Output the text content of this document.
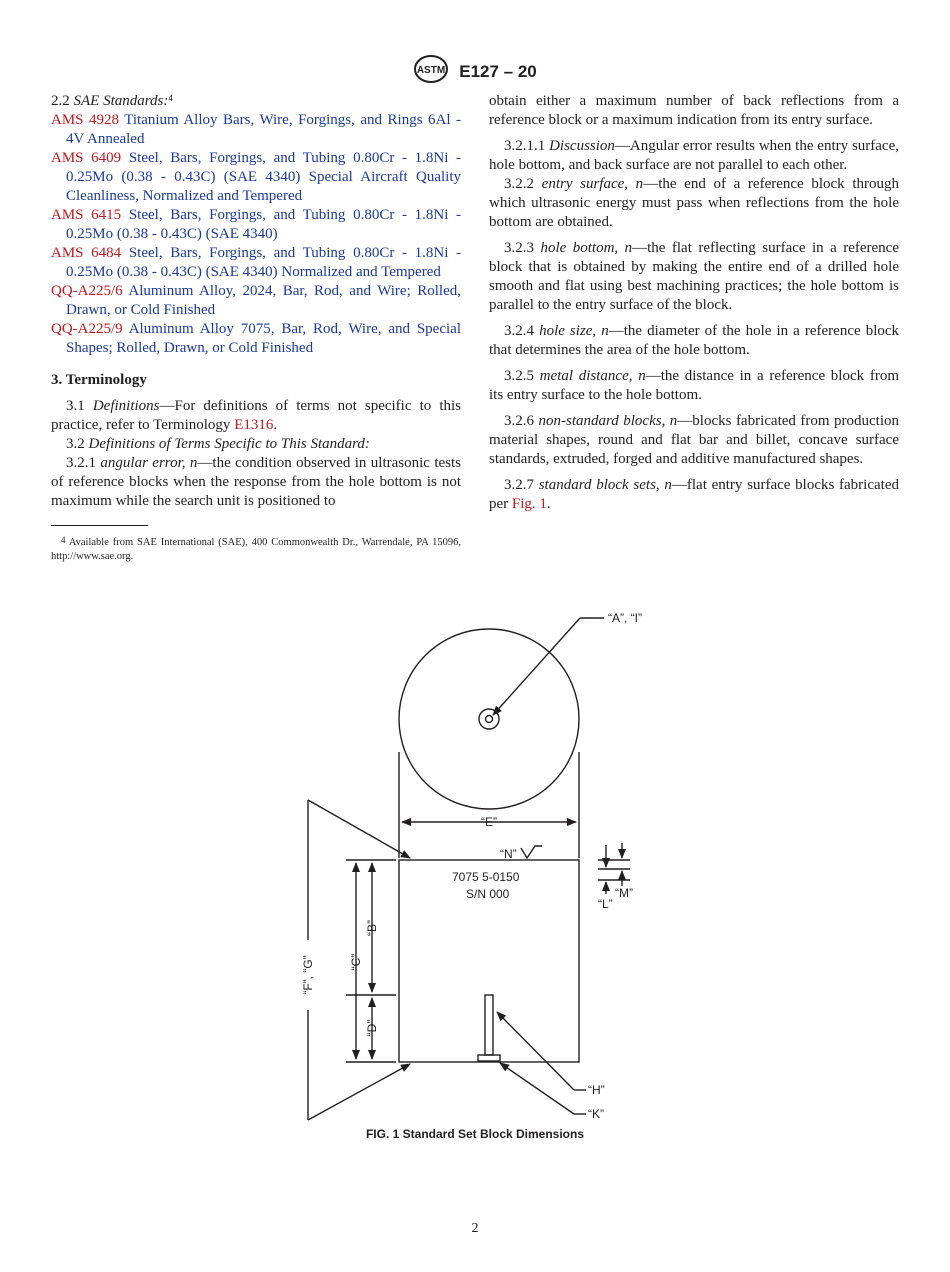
ASTM E127 – 20

2.2 SAE Standards:$^4$

AMS 4928 Titanium Alloy Bars, Wire, Forgings, and Rings 6Al - 4V Annealed

AMS 6409 Steel, Bars, Forgings, and Tubing 0.80Cr - 1.8Ni - 0.25Mo (0.38 - 0.43C) (SAE 4340) Special Aircraft Quality Cleanliness, Normalized and Tempered

AMS 6415 Steel, Bars, Forgings, and Tubing 0.80Cr - 1.8Ni - 0.25Mo (0.38 - 0.43C) (SAE 4340)

AMS 6484 Steel, Bars, Forgings, and Tubing 0.80Cr - 1.8Ni - 0.25Mo (0.38 - 0.43C) (SAE 4340) Normalized and Tempered

QQ-A225/6 Aluminum Alloy, 2024, Bar, Rod, and Wire; Rolled, Drawn, or Cold Finished

QQ-A225/9 Aluminum Alloy 7075, Bar, Rod, Wire, and Special Shapes; Rolled, Drawn, or Cold Finished

3. Terminology

3.1 Definitions—For definitions of terms not specific to this practice, refer to Terminology E1316.

3.2 Definitions of Terms Specific to This Standard:

3.2.1 angular error, n—the condition observed in ultrasonic tests of reference blocks when the response from the hole bottom is not maximum while the search unit is positioned to

$^4$ Available from SAE International (SAE), 400 Commonwealth Dr., Warrendale, PA 15096, http://www.sae.org.

obtain either a maximum number of back reflections from a reference block or a maximum indication from its entry surface.

3.2.1.1 Discussion—Angular error results when the entry surface, hole bottom, and back surface are not parallel to each other.

3.2.2 entry surface, n—the end of a reference block through which ultrasonic energy must pass when reflections from the hole bottom are obtained.

3.2.3 hole bottom, n—the flat reflecting surface in a reference block that is obtained by making the entire end of a drilled hole smooth and flat using best machining practices; the hole bottom is parallel to the entry surface of the block.

3.2.4 hole size, n—the diameter of the hole in a reference block that determines the area of the hole bottom.

3.2.5 metal distance, n—the distance in a reference block from its entry surface to the hole bottom.

3.2.6 non-standard blocks, n—blocks fabricated from production material shapes, round and flat bar and billet, concave surface standards, extruded, forged and additive manufactured shapes.

3.2.7 standard block sets, n—flat entry surface blocks fabricated per Fig. 1.

“A”, “I”
“E”
“N”
“M”
“L”
7075 5-0150
S/N 000
“B”
“C”
“D”
“F”, “G”
“H”
“K”
FIG. 1 Standard Set Block Dimensions
2
